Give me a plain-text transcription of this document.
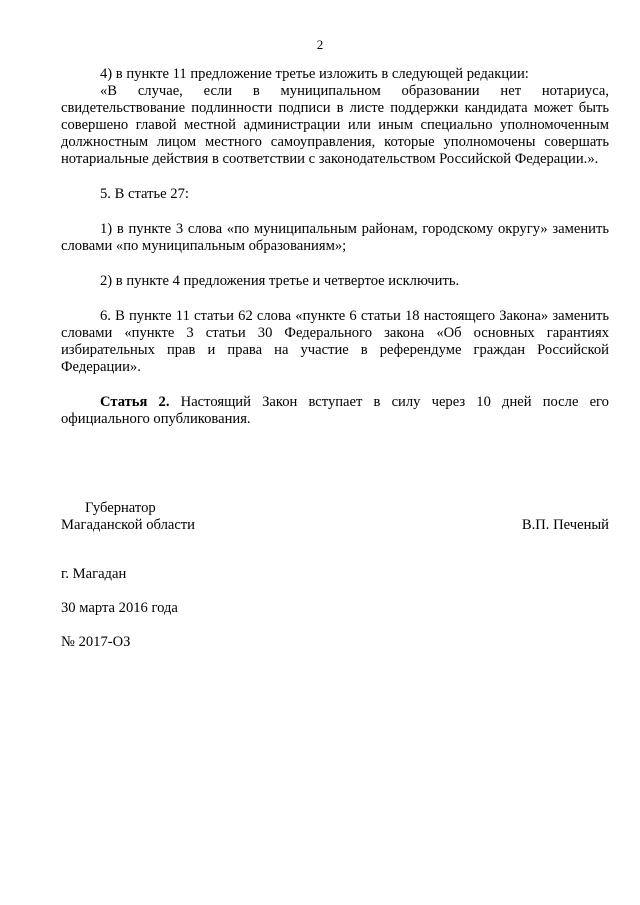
2

4) в пункте 11 предложение третье изложить в следующей редакции:

«В случае, если в муниципальном образовании нет нотариуса, свидетельствование подлинности подписи в листе поддержки кандидата может быть совершено главой местной администрации или иным специально уполномоченным должностным лицом местного самоуправления, которые уполномочены совершать нотариальные действия в соответствии с законодательством Российской Федерации.».

5. В статье 27:

1) в пункте 3 слова «по муниципальным районам, городскому округу» заменить словами «по муниципальным образованиям»;

2) в пункте 4 предложения третье и четвертое исключить.

6. В пункте 11 статьи 62 слова «пункте 6 статьи 18 настоящего Закона» заменить словами «пункте 3 статьи 30 Федерального закона «Об основных гарантиях избирательных прав и права на участие в референдуме граждан Российской Федерации».

Статья 2. Настоящий Закон вступает в силу через 10 дней после его официального опубликования.

Губернатор
Магаданской области	В.П. Печеный
г. Магадан
30 марта 2016 года
№ 2017-ОЗ
